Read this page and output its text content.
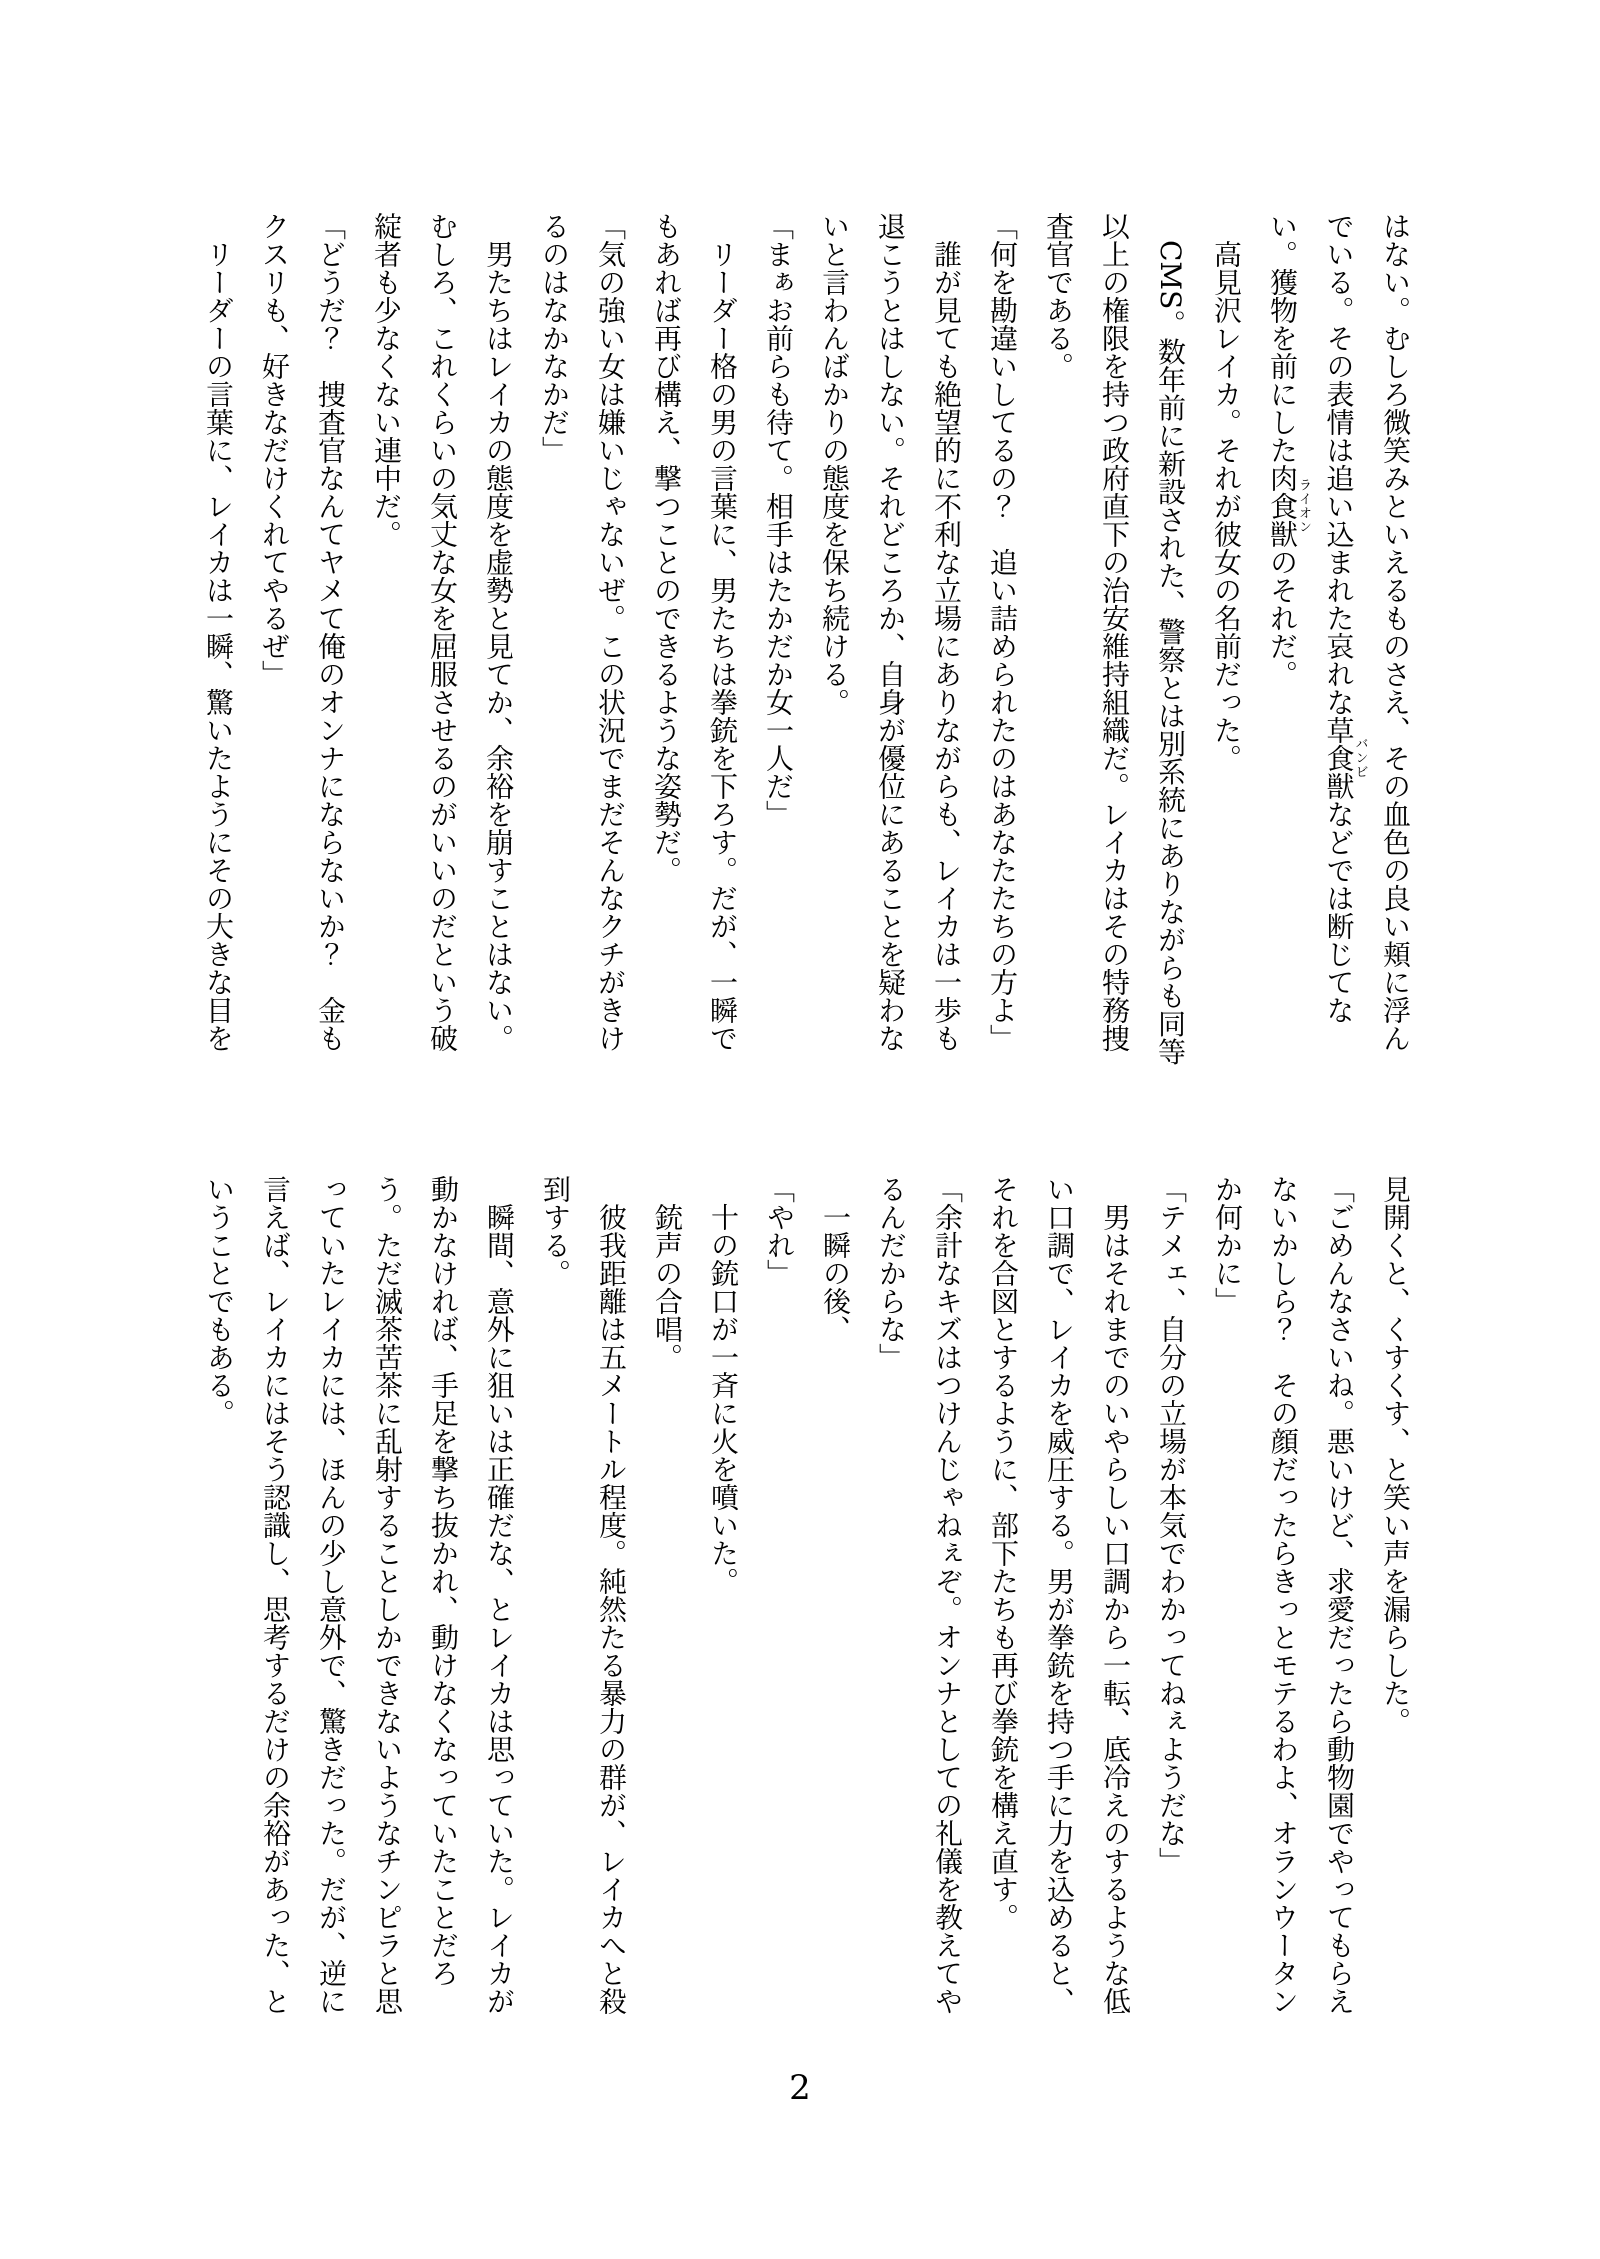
はない。むしろ微笑みといえるものさえ、その血色の良い頬に浮ん

でいる。その表情は追い込まれた哀れな草食獣バンビなどでは断じてな

い。獲物を前にした肉食獣ライオンのそれだ。

高見沢レイカ。それが彼女の名前だった。

CMS。数年前に新設された、警察とは別系統にありながらも同等

以上の権限を持つ政府直下の治安維持組織だ。レイカはその特務捜

査官である。

「何を勘違いしてるの？　追い詰められたのはあなたたちの方よ」

誰が見ても絶望的に不利な立場にありながらも、レイカは一歩も

退こうとはしない。それどころか、自身が優位にあることを疑わな

いと言わんばかりの態度を保ち続ける。

「まぁお前らも待て。相手はたかだか女一人だ」

リーダー格の男の言葉に、男たちは拳銃を下ろす。だが、一瞬で

もあれば再び構え、撃つことのできるような姿勢だ。

「気の強い女は嫌いじゃないぜ。この状況でまだそんなクチがきけ

るのはなかなかだ」

男たちはレイカの態度を虚勢と見てか、余裕を崩すことはない。

むしろ、これくらいの気丈な女を屈服させるのがいいのだという破

綻者も少なくない連中だ。

「どうだ？　捜査官なんてヤメて俺のオンナにならないか？　金も

クスリも、好きなだけくれてやるぜ」

リーダーの言葉に、レイカは一瞬、驚いたようにその大きな目を

見開くと、くすくす、と笑い声を漏らした。

「ごめんなさいね。悪いけど、求愛だったら動物園でやってもらえ

ないかしら？　その顔だったらきっとモテるわよ、オランウータン

か何かに」

「テメェ、自分の立場が本気でわかってねぇようだな」

男はそれまでのいやらしい口調から一転、底冷えのするような低

い口調で、レイカを威圧する。男が拳銃を持つ手に力を込めると、

それを合図とするように、部下たちも再び拳銃を構え直す。

「余計なキズはつけんじゃねぇぞ。オンナとしての礼儀を教えてや

るんだからな」

一瞬の後、

「やれ」

十の銃口が一斉に火を噴いた。

銃声の合唱。

彼我距離は五メートル程度。純然たる暴力の群が、レイカへと殺

到する。

瞬間、意外に狙いは正確だな、とレイカは思っていた。レイカが

動かなければ、手足を撃ち抜かれ、動けなくなっていたことだろ

う。ただ滅茶苦茶に乱射することしかできないようなチンピラと思

っていたレイカには、ほんの少し意外で、驚きだった。だが、逆に

言えば、レイカにはそう認識し、思考するだけの余裕があった、と

いうことでもある。

2
